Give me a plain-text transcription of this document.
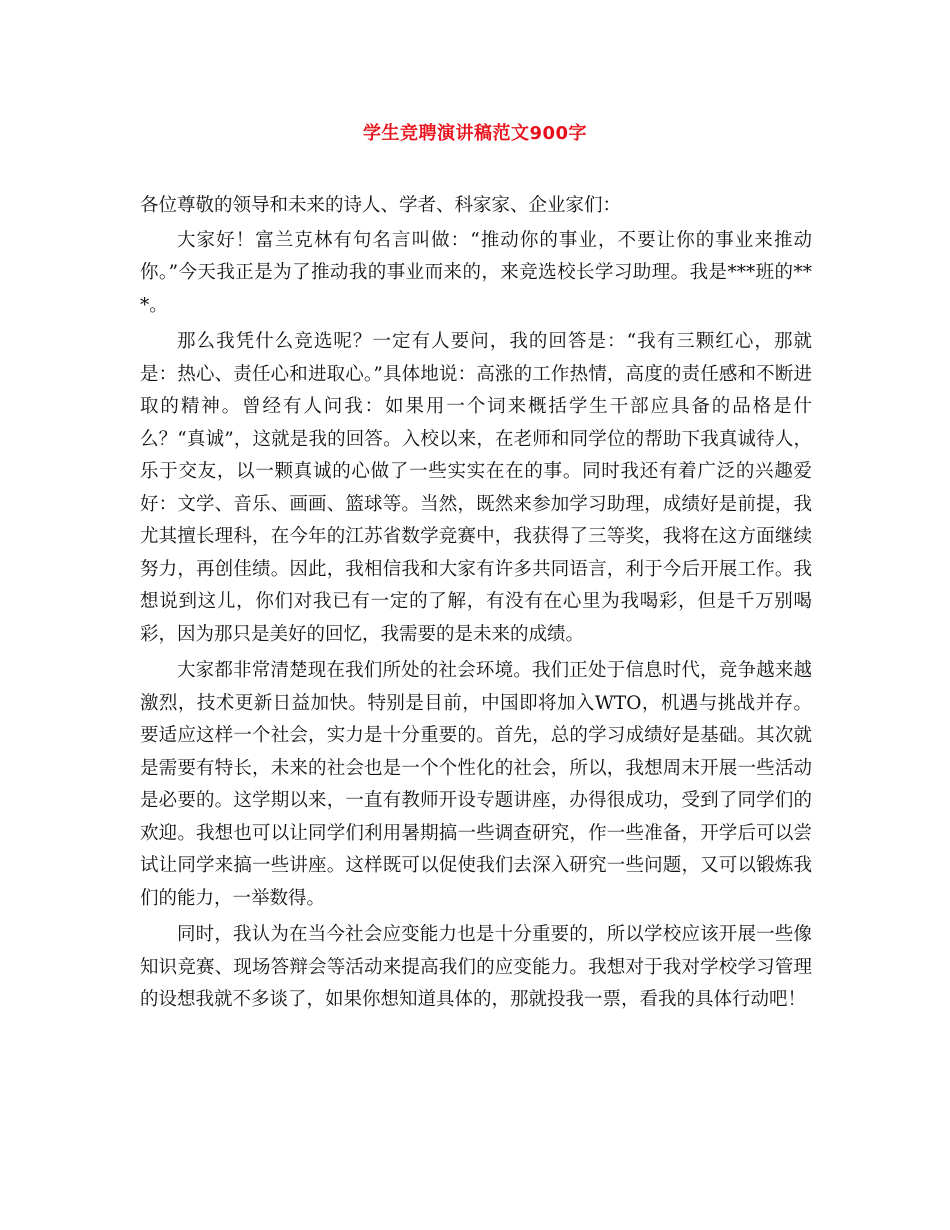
学生竞聘演讲稿范文900字

各位尊敬的领导和未来的诗人、学者、科家家、企业家们：

大家好！富兰克林有句名言叫做：“推动你的事业，不要让你的事业来推动你。”今天我正是为了推动我的事业而来的，来竞选校长学习助理。我是***班的***。

那么我凭什么竞选呢？一定有人要问，我的回答是：“我有三颗红心，那就是：热心、责任心和进取心。”具体地说：高涨的工作热情，高度的责任感和不断进取的精神。曾经有人问我：如果用一个词来概括学生干部应具备的品格是什么？“真诚”，这就是我的回答。入校以来，在老师和同学位的帮助下我真诚待人，乐于交友，以一颗真诚的心做了一些实实在在的事。同时我还有着广泛的兴趣爱好：文学、音乐、画画、篮球等。当然，既然来参加学习助理，成绩好是前提，我尤其擅长理科，在今年的江苏省数学竞赛中，我获得了三等奖，我将在这方面继续努力，再创佳绩。因此，我相信我和大家有许多共同语言，利于今后开展工作。我想说到这儿，你们对我已有一定的了解，有没有在心里为我喝彩，但是千万别喝彩，因为那只是美好的回忆，我需要的是未来的成绩。

大家都非常清楚现在我们所处的社会环境。我们正处于信息时代，竞争越来越激烈，技术更新日益加快。特别是目前，中国即将加入WTO，机遇与挑战并存。要适应这样一个社会，实力是十分重要的。首先，总的学习成绩好是基础。其次就是需要有特长，未来的社会也是一个个性化的社会，所以，我想周末开展一些活动是必要的。这学期以来，一直有教师开设专题讲座，办得很成功，受到了同学们的欢迎。我想也可以让同学们利用暑期搞一些调查研究，作一些准备，开学后可以尝试让同学来搞一些讲座。这样既可以促使我们去深入研究一些问题，又可以锻炼我们的能力，一举数得。

同时，我认为在当今社会应变能力也是十分重要的，所以学校应该开展一些像知识竞赛、现场答辩会等活动来提高我们的应变能力。我想对于我对学校学习管理的设想我就不多谈了，如果你想知道具体的，那就投我一票，看我的具体行动吧！
